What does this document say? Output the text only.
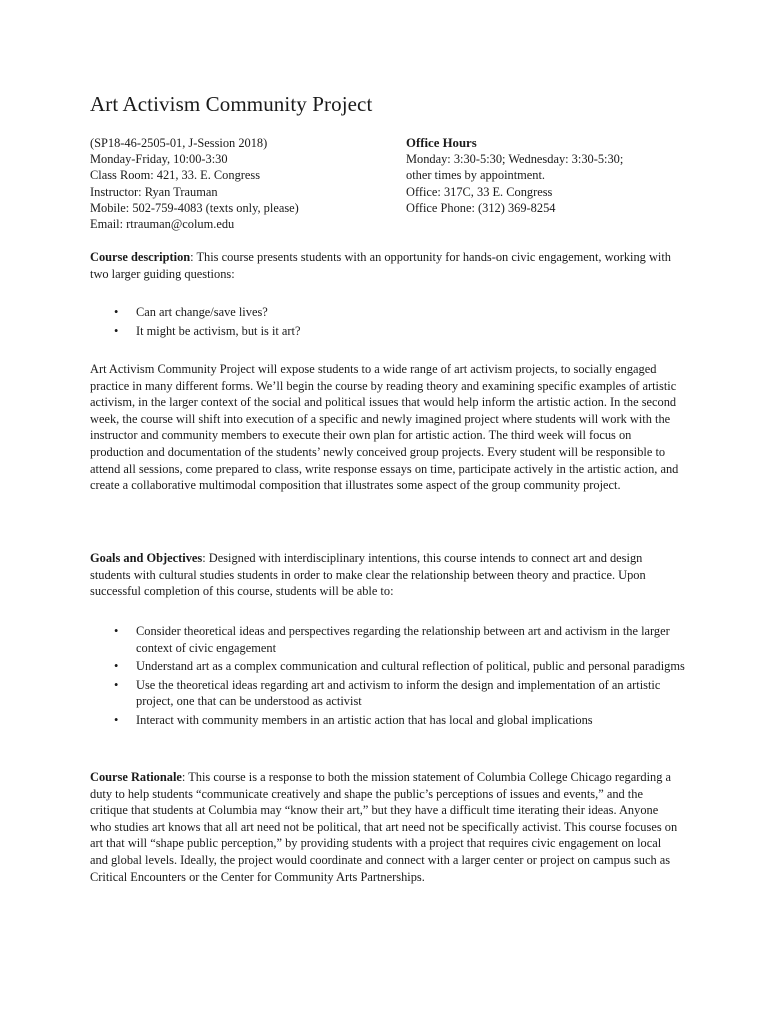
Art Activism Community Project
(SP18-46-2505-01, J-Session 2018)
Monday-Friday, 10:00-3:30
Class Room: 421, 33. E. Congress
Instructor: Ryan Trauman
Mobile: 502-759-4083 (texts only, please)
Email: rtrauman@colum.edu
Office Hours
Monday: 3:30-5:30; Wednesday: 3:30-5:30;
other times by appointment.
Office: 317C, 33 E. Congress
Office Phone: (312) 369-8254

Course description: This course presents students with an opportunity for hands-on civic engagement, working with two larger guiding questions:

• Can art change/save lives?
• It might be activism, but is it art?

Art Activism Community Project will expose students to a wide range of art activism projects, to socially engaged practice in many different forms. We’ll begin the course by reading theory and examining specific examples of artistic activism, in the larger context of the social and political issues that would help inform the artistic action. In the second week, the course will shift into execution of a specific and newly imagined project where students will work with the instructor and community members to execute their own plan for artistic action. The third week will focus on production and documentation of the students’ newly conceived group projects. Every student will be responsible to attend all sessions, come prepared to class, write response essays on time, participate actively in the artistic action, and create a collaborative multimodal composition that illustrates some aspect of the group community project.

Goals and Objectives: Designed with interdisciplinary intentions, this course intends to connect art and design students with cultural studies students in order to make clear the relationship between theory and practice. Upon successful completion of this course, students will be able to:

• Consider theoretical ideas and perspectives regarding the relationship between art and activism in the larger context of civic engagement
• Understand art as a complex communication and cultural reflection of political, public and personal paradigms
• Use the theoretical ideas regarding art and activism to inform the design and implementation of an artistic project, one that can be understood as activist
• Interact with community members in an artistic action that has local and global implications

Course Rationale: This course is a response to both the mission statement of Columbia College Chicago regarding a duty to help students “communicate creatively and shape the public’s perceptions of issues and events,” and the critique that students at Columbia may “know their art,” but they have a difficult time iterating their ideas. Anyone who studies art knows that all art need not be political, that art need not be specifically activist. This course focuses on art that will “shape public perception,” by providing students with a project that requires civic engagement on local and global levels. Ideally, the project would coordinate and connect with a larger center or project on campus such as Critical Encounters or the Center for Community Arts Partnerships.
